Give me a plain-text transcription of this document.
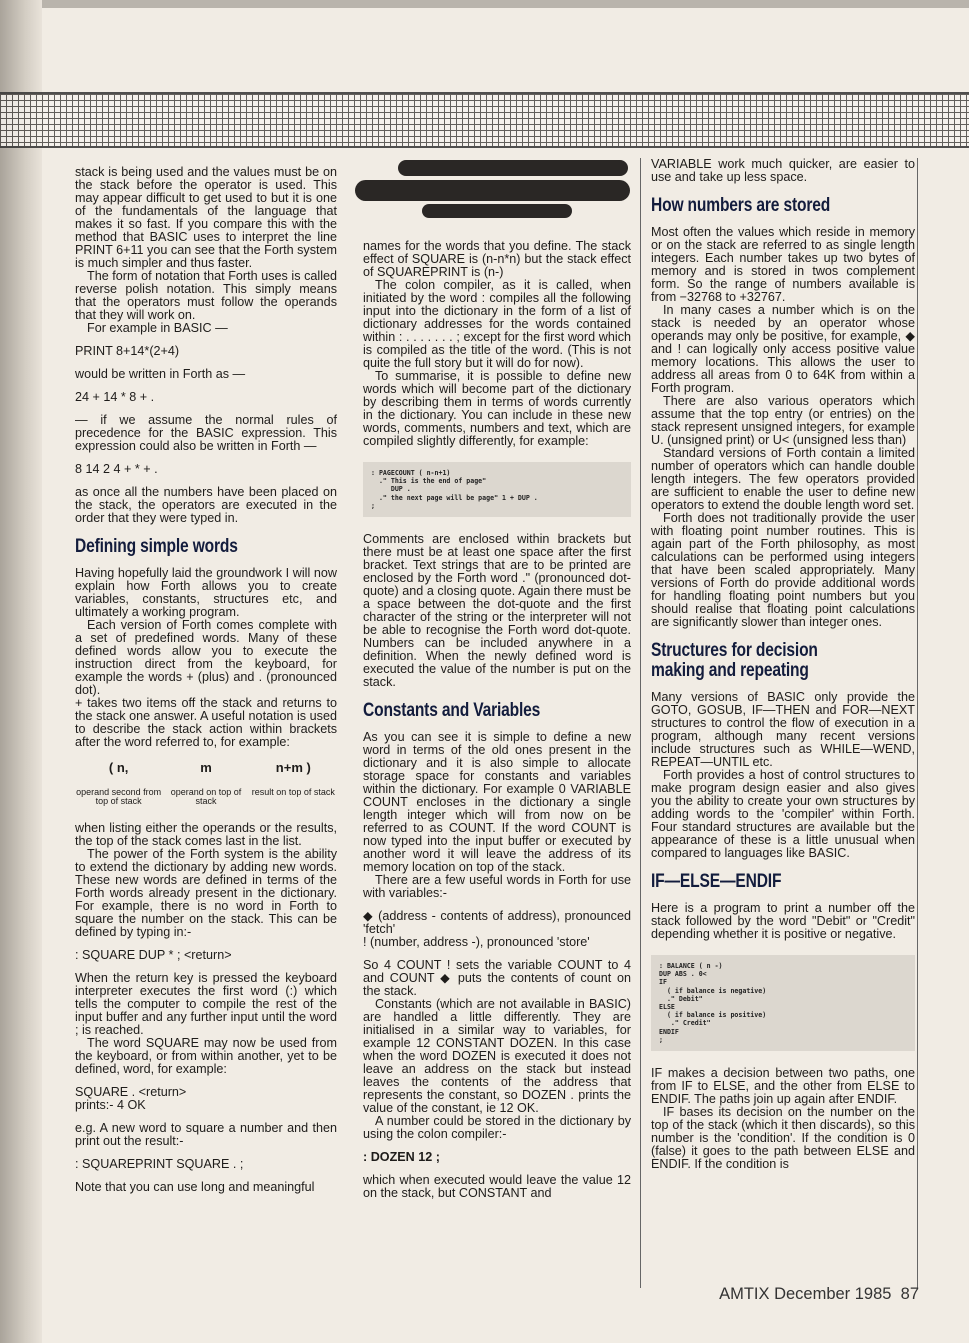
stack is being used and the values must be on the stack before the operator is used. This may appear difficult to get used to but it is one of the fundamentals of the language that makes it so fast. If you compare this with the method that BASIC uses to interpret the line PRINT 6+11 you can see that the Forth system is much simpler and thus faster.

The form of notation that Forth uses is called reverse polish notation. This simply means that the operators must follow the operands that they will work on.

For example in BASIC —

PRINT 8+14*(2+4)

would be written in Forth as —

24 + 14 * 8 + .

— if we assume the normal rules of precedence for the BASIC expression. This expression could also be written in Forth —

8 14 2 4 + * + .

as once all the numbers have been placed on the stack, the operators are executed in the order that they were typed in.

Defining simple words

Having hopefully laid the groundwork I will now explain how Forth allows you to create variables, constants, structures etc, and ultimately a working program.

Each version of Forth comes complete with a set of predefined words. Many of these defined words allow you to execute the instruction direct from the keyboard, for example the words + (plus) and . (pronounced dot).

+ takes two items off the stack and returns to the stack one answer. A useful notation is used to describe the stack action within brackets after the word referred to, for example:

( n,
operand second from top of stack
m
operand on top of stack
n+m )
result on top of stack

when listing either the operands or the results, the top of the stack comes last in the list.

The power of the Forth system is the ability to extend the dictionary by adding new words. These new words are defined in terms of the Forth words already present in the dictionary. For example, there is no word in Forth to square the number on the stack. This can be defined by typing in:-

: SQUARE DUP * ; <return>

When the return key is pressed the keyboard interpreter executes the first word (:) which tells the computer to compile the rest of the input buffer and any further input until the word ; is reached.

The word SQUARE may now be used from the keyboard, or from within another, yet to be defined, word, for example:

SQUARE . <return>

prints:- 4 OK

e.g. A new word to square a number and then print out the result:-

: SQUAREPRINT SQUARE . ;

Note that you can use long and meaningful

names for the words that you define. The stack effect of SQUARE is (n-n*n) but the stack effect of SQUAREPRINT is (n-)

The colon compiler, as it is called, when initiated by the word : compiles all the following input into the dictionary in the form of a list of dictionary addresses for the words contained within : . . . . . . . ; except for the first word which is compiled as the title of the word. (This is not quite the full story but it will do for now).

To summarise, it is possible to define new words which will become part of the dictionary by describing them in terms of words currently in the dictionary. You can include in these new words, comments, numbers and text, which are compiled slightly differently, for example:

: PAGECOUNT ( n-n+1)
." This is the end of page"
DUP .
." the next page will be page" 1 + DUP .
;

Comments are enclosed within brackets but there must be at least one space after the first bracket. Text strings that are to be printed are enclosed by the Forth word ." (pronounced dot-quote) and a closing quote. Again there must be a space between the dot-quote and the first character of the string or the interpreter will not be able to recognise the Forth word dot-quote. Numbers can be included anywhere in a definition. When the newly defined word is executed the value of the number is put on the stack.

Constants and Variables

As you can see it is simple to define a new word in terms of the old ones present in the dictionary and it is also simple to allocate storage space for constants and variables within the dictionary. For example 0 VARIABLE COUNT encloses in the dictionary a single length integer which will from now on be referred to as COUNT. If the word COUNT is now typed into the input buffer or executed by another word it will leave the address of its memory location on top of the stack.

There are a few useful words in Forth for use with variables:-

◆ (address - contents of address), pronounced 'fetch'

! (number, address -), pronounced 'store'

So 4 COUNT ! sets the variable COUNT to 4 and COUNT ◆ puts the contents of count on the stack.

Constants (which are not available in BASIC) are handled a little differently. They are initialised in a similar way to variables, for example 12 CONSTANT DOZEN. In this case when the word DOZEN is executed it does not leave an address on the stack but instead leaves the contents of the address that represents the constant, so DOZEN . prints the value of the constant, ie 12 OK.

A number could be stored in the dictionary by using the colon compiler:-

: DOZEN 12 ;

which when executed would leave the value 12 on the stack, but CONSTANT and

VARIABLE work much quicker, are easier to use and take up less space.

How numbers are stored

Most often the values which reside in memory or on the stack are referred to as single length integers. Each number takes up two bytes of memory and is stored in twos complement form. So the range of numbers available is from −32768 to +32767.

In many cases a number which is on the stack is needed by an operator whose operands may only be positive, for example, ◆ and ! can logically only access positive value memory locations. This allows the user to address all areas from 0 to 64K from within a Forth program.

There are also various operators which assume that the top entry (or entries) on the stack represent unsigned integers, for example U. (unsigned print) or U< (unsigned less than)

Standard versions of Forth contain a limited number of operators which can handle double length integers. The few operators provided are sufficient to enable the user to define new operators to extend the double length word set.

Forth does not traditionally provide the user with floating point number routines. This is again part of the Forth philosophy, as most calculations can be performed using integers that have been scaled appropriately. Many versions of Forth do provide additional words for handling floating point numbers but you should realise that floating point calculations are significantly slower than integer ones.

Structures for decision making and repeating

Many versions of BASIC only provide the GOTO, GOSUB, IF—THEN and FOR—NEXT structures to control the flow of execution in a program, although many recent versions include structures such as WHILE—WEND, REPEAT—UNTIL etc.

Forth provides a host of control structures to make program design easier and also gives you the ability to create your own structures by adding words to the 'compiler' within Forth. Four standard structures are available but the appearance of these is a little unusual when compared to languages like BASIC.

IF—ELSE—ENDIF

Here is a program to print a number off the stack followed by the word "Debit" or "Credit" depending whether it is positive or negative.

: BALANCE ( n -)
DUP ABS . 0<
IF
( if balance is negative)
." Debit"
ELSE
( if balance is positive)
." Credit"
ENDIF
;

IF makes a decision between two paths, one from IF to ELSE, and the other from ELSE to ENDIF. The paths join up again after ENDIF.

IF bases its decision on the number on the top of the stack (which it then discards), so this number is the 'condition'. If the condition is 0 (false) it goes to the path between ELSE and ENDIF. If the condition is

AMTIX December 1985 87
